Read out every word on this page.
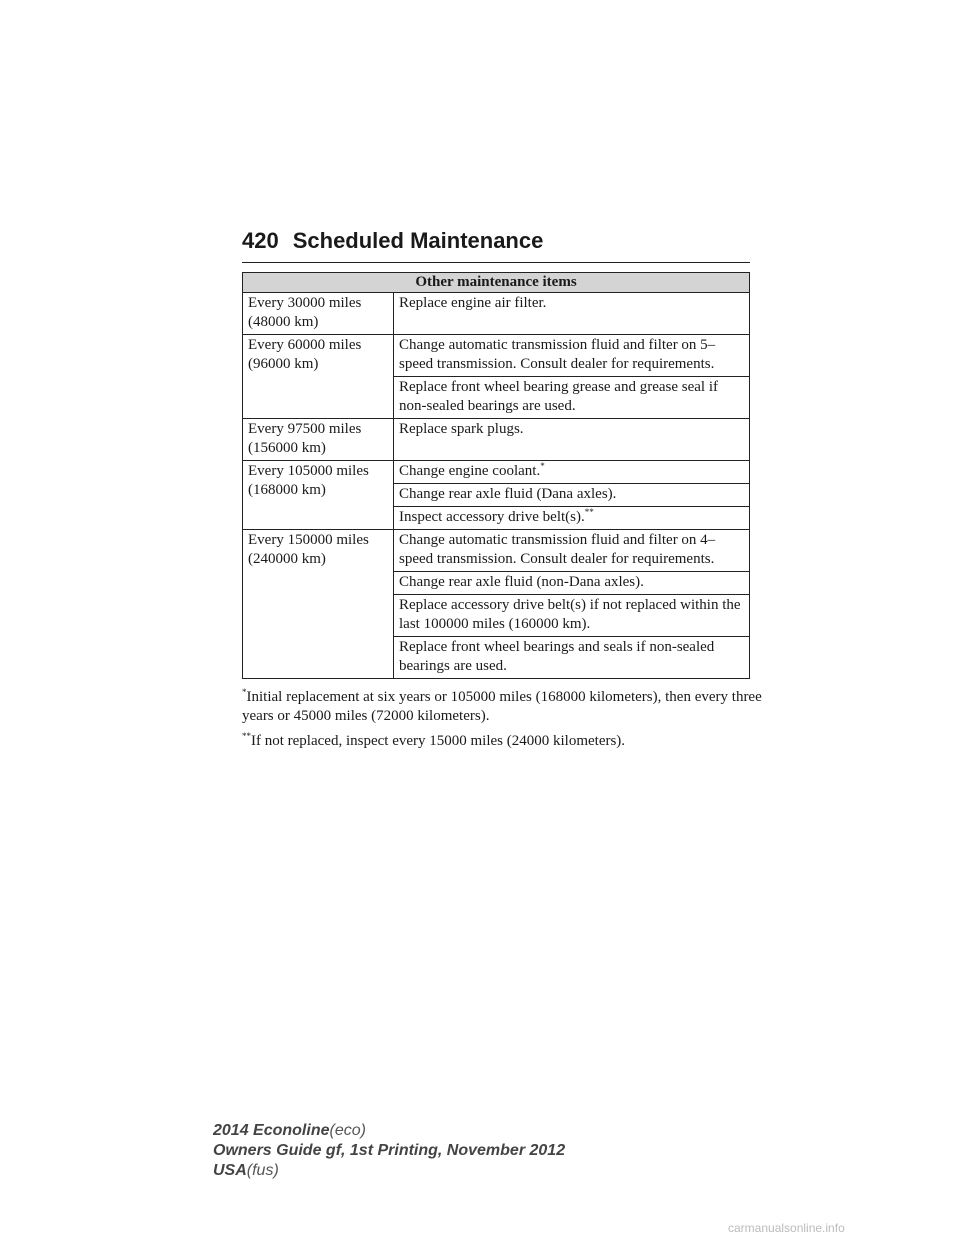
420 Scheduled Maintenance
Other maintenance items	

Every 30000 miles
(48000 km)	Replace engine air filter.

Every 60000 miles
(96000 km)	Change automatic transmission fluid and filter on 5–speed transmission. Consult dealer for requirements.
	Replace front wheel bearing grease and grease seal if non-sealed bearings are used.

Every 97500 miles
(156000 km)	Replace spark plugs.

Every 105000 miles
(168000 km)	Change engine coolant.*
	Change rear axle fluid (Dana axles).
	Inspect accessory drive belt(s).**

Every 150000 miles
(240000 km)	Change automatic transmission fluid and filter on 4–speed transmission. Consult dealer for requirements.
	Change rear axle fluid (non-Dana axles).
	Replace accessory drive belt(s) if not replaced within the last 100000 miles (160000 km).
	Replace front wheel bearings and seals if non-sealed bearings are used.
*Initial replacement at six years or 105000 miles (168000 kilometers), then every three years or 45000 miles (72000 kilometers).
**If not replaced, inspect every 15000 miles (24000 kilometers).
2014 Econoline(eco)
Owners Guide gf, 1st Printing, November 2012
USA(fus)
carmanualsonline.info
